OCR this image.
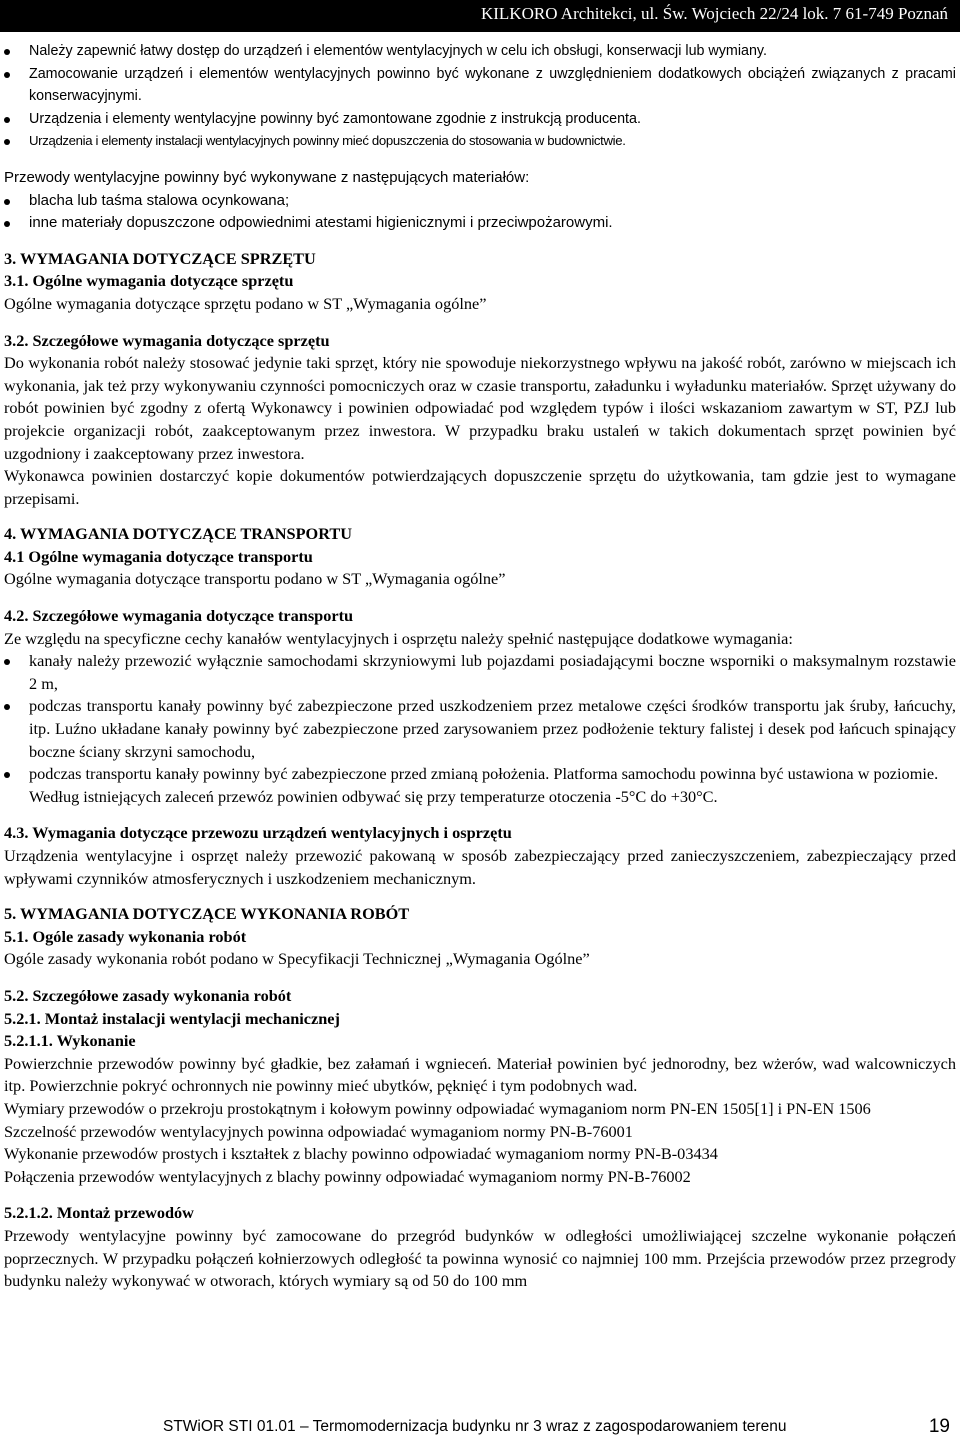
KILKORO Architekci, ul. Św. Wojciech 22/24 lok. 7 61-749 Poznań
Należy zapewnić łatwy dostęp do urządzeń i elementów wentylacyjnych w celu ich obsługi, konserwacji lub wymiany.
Zamocowanie urządzeń i elementów wentylacyjnych powinno być wykonane z uwzględnieniem dodatkowych obciążeń związanych z pracami konserwacyjnymi.
Urządzenia i elementy wentylacyjne powinny być zamontowane zgodnie z instrukcją producenta.
Urządzenia i elementy instalacji wentylacyjnych powinny mieć dopuszczenia do stosowania w budownictwie.

Przewody wentylacyjne powinny być wykonywane z następujących materiałów:

blacha lub taśma stalowa ocynkowana;
inne materiały dopuszczone odpowiednimi atestami higienicznymi i przeciwpożarowymi.

3. WYMAGANIA DOTYCZĄCE SPRZĘTU

3.1. Ogólne wymagania dotyczące sprzętu

Ogólne wymagania dotyczące sprzętu podano w ST „Wymagania ogólne”

3.2. Szczegółowe wymagania dotyczące sprzętu

Do wykonania robót należy stosować jedynie taki sprzęt, który nie spowoduje niekorzystnego wpływu na jakość robót, zarówno w miejscach ich wykonania, jak też przy wykonywaniu czynności pomocniczych oraz w czasie transportu, załadunku i wyładunku materiałów. Sprzęt używany do robót powinien być zgodny z ofertą Wykonawcy i powinien odpowiadać pod względem typów i ilości wskazaniom zawartym w ST, PZJ lub projekcie organizacji robót, zaakceptowanym przez inwestora. W przypadku braku ustaleń w takich dokumentach sprzęt powinien być uzgodniony i zaakceptowany przez inwestora.

Wykonawca powinien dostarczyć kopie dokumentów potwierdzających dopuszczenie sprzętu do użytkowania, tam gdzie jest to wymagane przepisami.

4. WYMAGANIA DOTYCZĄCE TRANSPORTU

4.1 Ogólne wymagania dotyczące transportu

Ogólne wymagania dotyczące transportu podano w ST „Wymagania ogólne”

4.2. Szczegółowe wymagania dotyczące transportu

Ze względu na specyficzne cechy kanałów wentylacyjnych i osprzętu należy spełnić następujące dodatkowe wymagania:

kanały należy przewozić wyłącznie samochodami skrzyniowymi lub pojazdami posiadającymi boczne wsporniki o maksymalnym rozstawie 2 m,
podczas transportu kanały powinny być zabezpieczone przed uszkodzeniem przez metalowe części środków transportu jak śruby, łańcuchy, itp. Luźno układane kanały powinny być zabezpieczone przed zarysowaniem przez podłożenie tektury falistej i desek pod łańcuch spinający boczne ściany skrzyni samochodu,
podczas transportu kanały powinny być zabezpieczone przed zmianą położenia. Platforma samochodu powinna być ustawiona w poziomie.

Według istniejących zaleceń przewóz powinien odbywać się przy temperaturze otoczenia -5°C do +30°C.

4.3. Wymagania dotyczące przewozu urządzeń wentylacyjnych i osprzętu

Urządzenia wentylacyjne i osprzęt należy przewozić pakowaną w sposób zabezpieczający przed zanieczyszczeniem, zabezpieczający przed wpływami czynników atmosferycznych i uszkodzeniem mechanicznym.

5. WYMAGANIA DOTYCZĄCE WYKONANIA ROBÓT

5.1. Ogóle zasady wykonania robót

Ogóle zasady wykonania robót podano w Specyfikacji Technicznej „Wymagania Ogólne”

5.2. Szczegółowe zasady wykonania robót

5.2.1. Montaż instalacji wentylacji mechanicznej

5.2.1.1. Wykonanie

Powierzchnie przewodów powinny być gładkie, bez załamań i wgnieceń. Materiał powinien być jednorodny, bez wżerów, wad walcowniczych itp. Powierzchnie pokryć ochronnych nie powinny mieć ubytków, pęknięć i tym podobnych wad.

Wymiary przewodów o przekroju prostokątnym i kołowym powinny odpowiadać wymaganiom norm PN-EN 1505[1] i PN-EN 1506

Szczelność przewodów wentylacyjnych powinna odpowiadać wymaganiom normy PN-B-76001

Wykonanie przewodów prostych i kształtek z blachy powinno odpowiadać wymaganiom normy PN-B-03434

Połączenia przewodów wentylacyjnych z blachy powinny odpowiadać wymaganiom normy PN-B-76002

5.2.1.2. Montaż przewodów

Przewody wentylacyjne powinny być zamocowane do przegród budynków w odległości umożliwiającej szczelne wykonanie połączeń poprzecznych. W przypadku połączeń kołnierzowych odległość ta powinna wynosić co najmniej 100 mm. Przejścia przewodów przez przegrody budynku należy wykonywać w otworach, których wymiary są od 50 do 100 mm

STWiOR STI 01.01 – Termomodernizacja budynku nr 3 wraz z zagospodarowaniem terenu	19
